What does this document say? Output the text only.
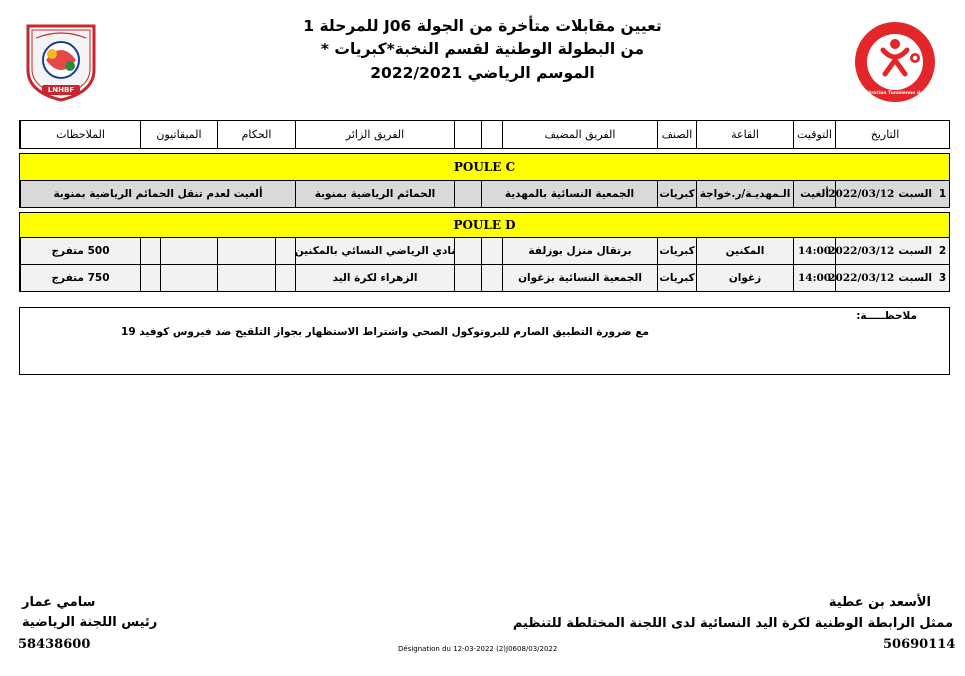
LNHBF	Fédération Tunisienne de Handball
تعيين مقابلات متأخرة من الجولة J06 للمرحلة 1
من البطولة الوطنية لقسم النخبة*كبريات *
الموسم الرياضي 2022/2021
التاريخ
التوقيت
القاعة
الصنف
الفريق المضيف
الفريق الزائر
الحكام
الميقاتيون
الملاحظات
POULE C
1
السبت
2022/03/12
ألغيت
الـمهديـة/ر.خواجة
كبريات
الجمعية النسائية بالمهدية
الحمائم الرياضية بمنوبة
ألغيت لعدم تنقل الحمائم الرياضية بمنوبة
POULE D
2
السبت
2022/03/12
14:00
المكنين
كبريات
برتقال منزل بوزلفة
نادي الرياضي النسائي بالمكنين
500 متفرج
3
السبت
2022/03/12
14:00
زغوان
كبريات
الجمعية النسائية بزغوان
الزهراء لكرة اليد
750 متفرج
ملاحظـــــة:
مع ضرورة التطبيق الصارم للبروتوكول الصحي واشتراط الاستظهار بجواز التلقيح ضد فيروس كوفيد 19
الأسعد بن عطية
ممثل الرابطة الوطنية لكرة اليد النسائية لدى اللجنة المختلطة للتنظيم
50690114
سامي عمار
رئيس اللجنة الرياضية
58438600	Désignation du 12-03-2022 (2)J0608/03/2022
